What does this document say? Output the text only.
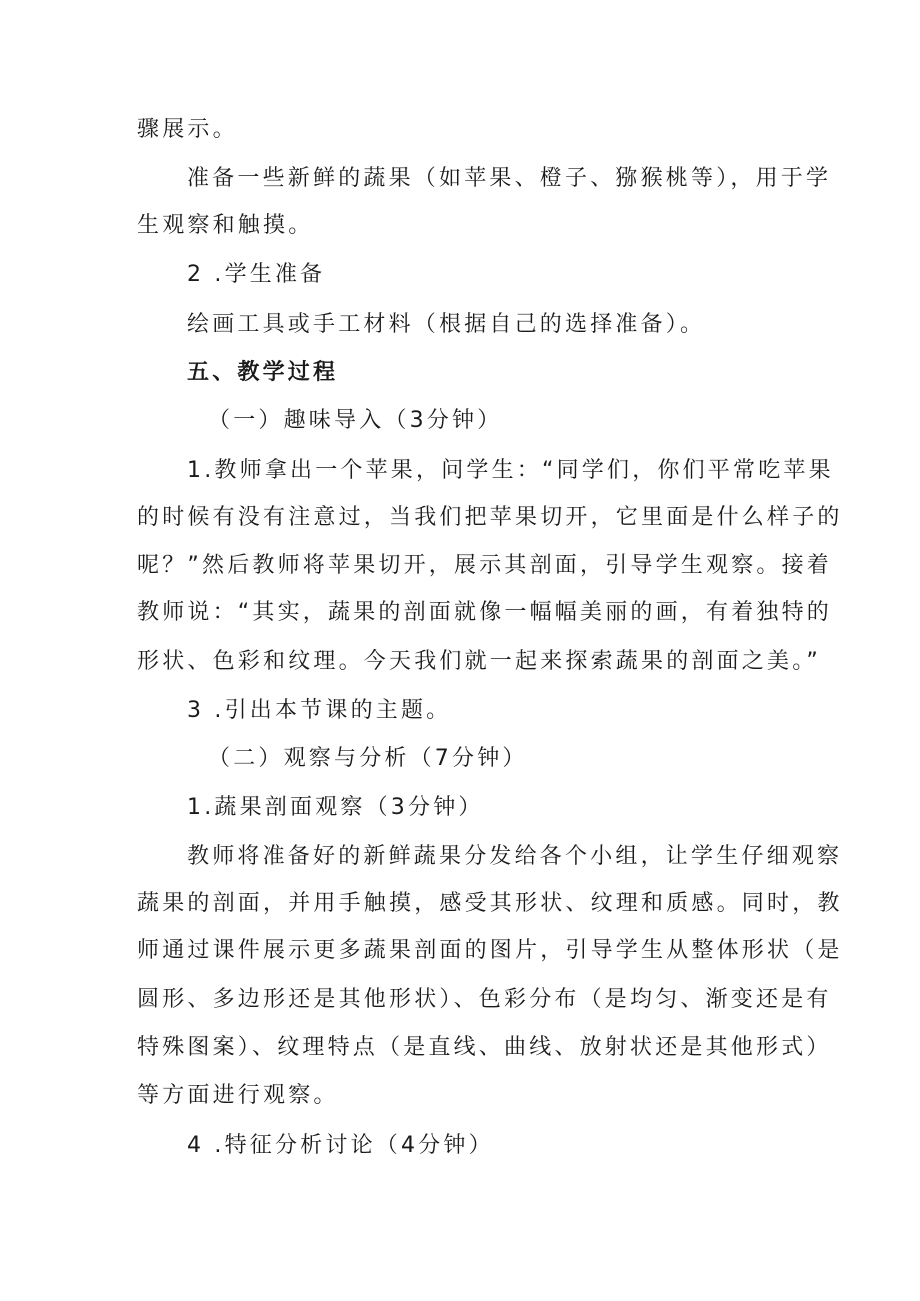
骤展示。

准备一些新鲜的蔬果（如苹果、橙子、猕猴桃等），用于学

生观察和触摸。

2 .学生准备

绘画工具或手工材料（根据自己的选择准备）。

五、教学过程

（一）趣味导入（3分钟）

1.教师拿出一个苹果，问学生：“同学们，你们平常吃苹果

的时候有没有注意过，当我们把苹果切开，它里面是什么样子的

呢？”然后教师将苹果切开，展示其剖面，引导学生观察。接着

教师说：“其实，蔬果的剖面就像一幅幅美丽的画，有着独特的

形状、色彩和纹理。今天我们就一起来探索蔬果的剖面之美。”

3 .引出本节课的主题。

（二）观察与分析（7分钟）

1.蔬果剖面观察（3分钟）

教师将准备好的新鲜蔬果分发给各个小组，让学生仔细观察

蔬果的剖面，并用手触摸，感受其形状、纹理和质感。同时，教

师通过课件展示更多蔬果剖面的图片，引导学生从整体形状（是

圆形、多边形还是其他形状）、色彩分布（是均匀、渐变还是有

特殊图案）、纹理特点（是直线、曲线、放射状还是其他形式）

等方面进行观察。

4 .特征分析讨论（4分钟）
